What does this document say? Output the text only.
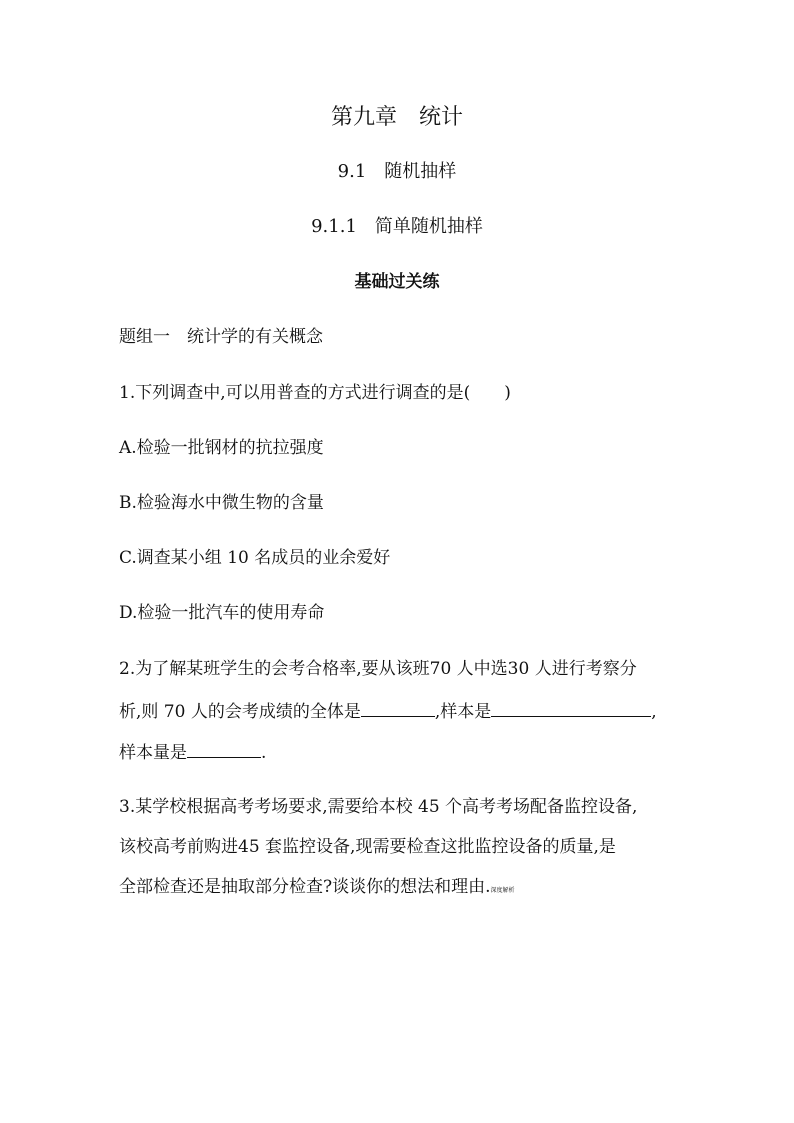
第九章　统计
9.1　随机抽样
9.1.1　简单随机抽样
基础过关练
题组一　统计学的有关概念
1.下列调查中,可以用普查的方式进行调查的是(　　)
A.检验一批钢材的抗拉强度
B.检验海水中微生物的含量
C.调查某小组 10 名成员的业余爱好
D.检验一批汽车的使用寿命
2.为了解某班学生的会考合格率,要从该班70 人中选30 人进行考察分
析,则 70 人的会考成绩的全体是	,样本是	,
样本量是	.
3.某学校根据高考考场要求,需要给本校 45 个高考考场配备监控设备,
该校高考前购进45 套监控设备,现需要检查这批监控设备的质量,是
全部检查还是抽取部分检查?谈谈你的想法和理由.深度解析
